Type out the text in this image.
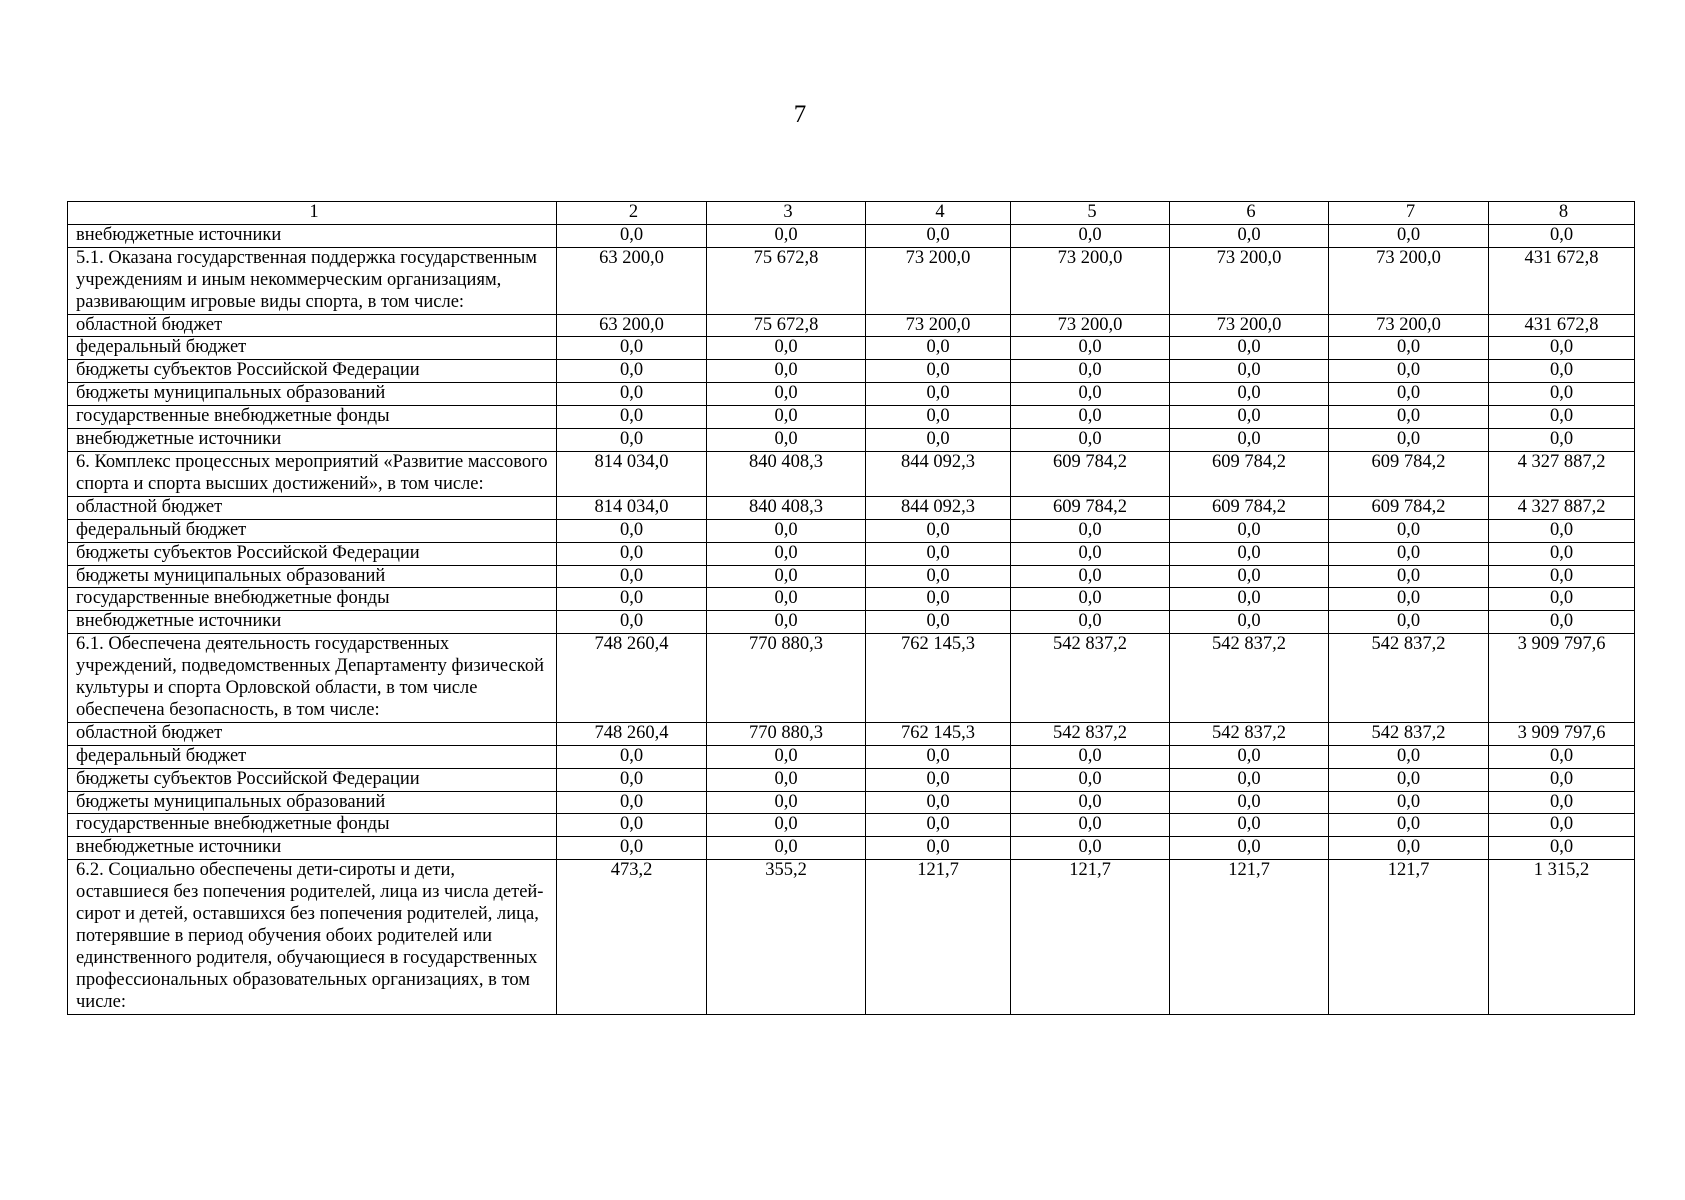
7
1	2	3	4	5	6	7	8
внебюджетные источники	0,0	0,0	0,0	0,0	0,0	0,0	0,0
5.1. Оказана государственная поддержка государственным учреждениям и иным некоммерческим организациям, развивающим игровые виды спорта, в том числе:	63 200,0	75 672,8	73 200,0	73 200,0	73 200,0	73 200,0	431 672,8
областной бюджет	63 200,0	75 672,8	73 200,0	73 200,0	73 200,0	73 200,0	431 672,8
федеральный бюджет	0,0	0,0	0,0	0,0	0,0	0,0	0,0
бюджеты субъектов Российской Федерации	0,0	0,0	0,0	0,0	0,0	0,0	0,0
бюджеты муниципальных образований	0,0	0,0	0,0	0,0	0,0	0,0	0,0
государственные внебюджетные фонды	0,0	0,0	0,0	0,0	0,0	0,0	0,0
внебюджетные источники	0,0	0,0	0,0	0,0	0,0	0,0	0,0
6. Комплекс процессных мероприятий «Развитие массового спорта и спорта высших достижений», в том числе:	814 034,0	840 408,3	844 092,3	609 784,2	609 784,2	609 784,2	4 327 887,2
областной бюджет	814 034,0	840 408,3	844 092,3	609 784,2	609 784,2	609 784,2	4 327 887,2
федеральный бюджет	0,0	0,0	0,0	0,0	0,0	0,0	0,0
бюджеты субъектов Российской Федерации	0,0	0,0	0,0	0,0	0,0	0,0	0,0
бюджеты муниципальных образований	0,0	0,0	0,0	0,0	0,0	0,0	0,0
государственные внебюджетные фонды	0,0	0,0	0,0	0,0	0,0	0,0	0,0
внебюджетные источники	0,0	0,0	0,0	0,0	0,0	0,0	0,0
6.1. Обеспечена деятельность государственных учреждений, подведомственных Департаменту физической культуры и спорта Орловской области, в том числе обеспечена безопасность, в том числе:	748 260,4	770 880,3	762 145,3	542 837,2	542 837,2	542 837,2	3 909 797,6
областной бюджет	748 260,4	770 880,3	762 145,3	542 837,2	542 837,2	542 837,2	3 909 797,6
федеральный бюджет	0,0	0,0	0,0	0,0	0,0	0,0	0,0
бюджеты субъектов Российской Федерации	0,0	0,0	0,0	0,0	0,0	0,0	0,0
бюджеты муниципальных образований	0,0	0,0	0,0	0,0	0,0	0,0	0,0
государственные внебюджетные фонды	0,0	0,0	0,0	0,0	0,0	0,0	0,0
внебюджетные источники	0,0	0,0	0,0	0,0	0,0	0,0	0,0
6.2. Социально обеспечены дети-сироты и дети, оставшиеся без попечения родителей, лица из числа детей-сирот и детей, оставшихся без попечения родителей, лица, потерявшие в период обучения обоих родителей или единственного родителя, обучающиеся в государственных профессиональных образовательных организациях, в том числе:	473,2	355,2	121,7	121,7	121,7	121,7	1 315,2
